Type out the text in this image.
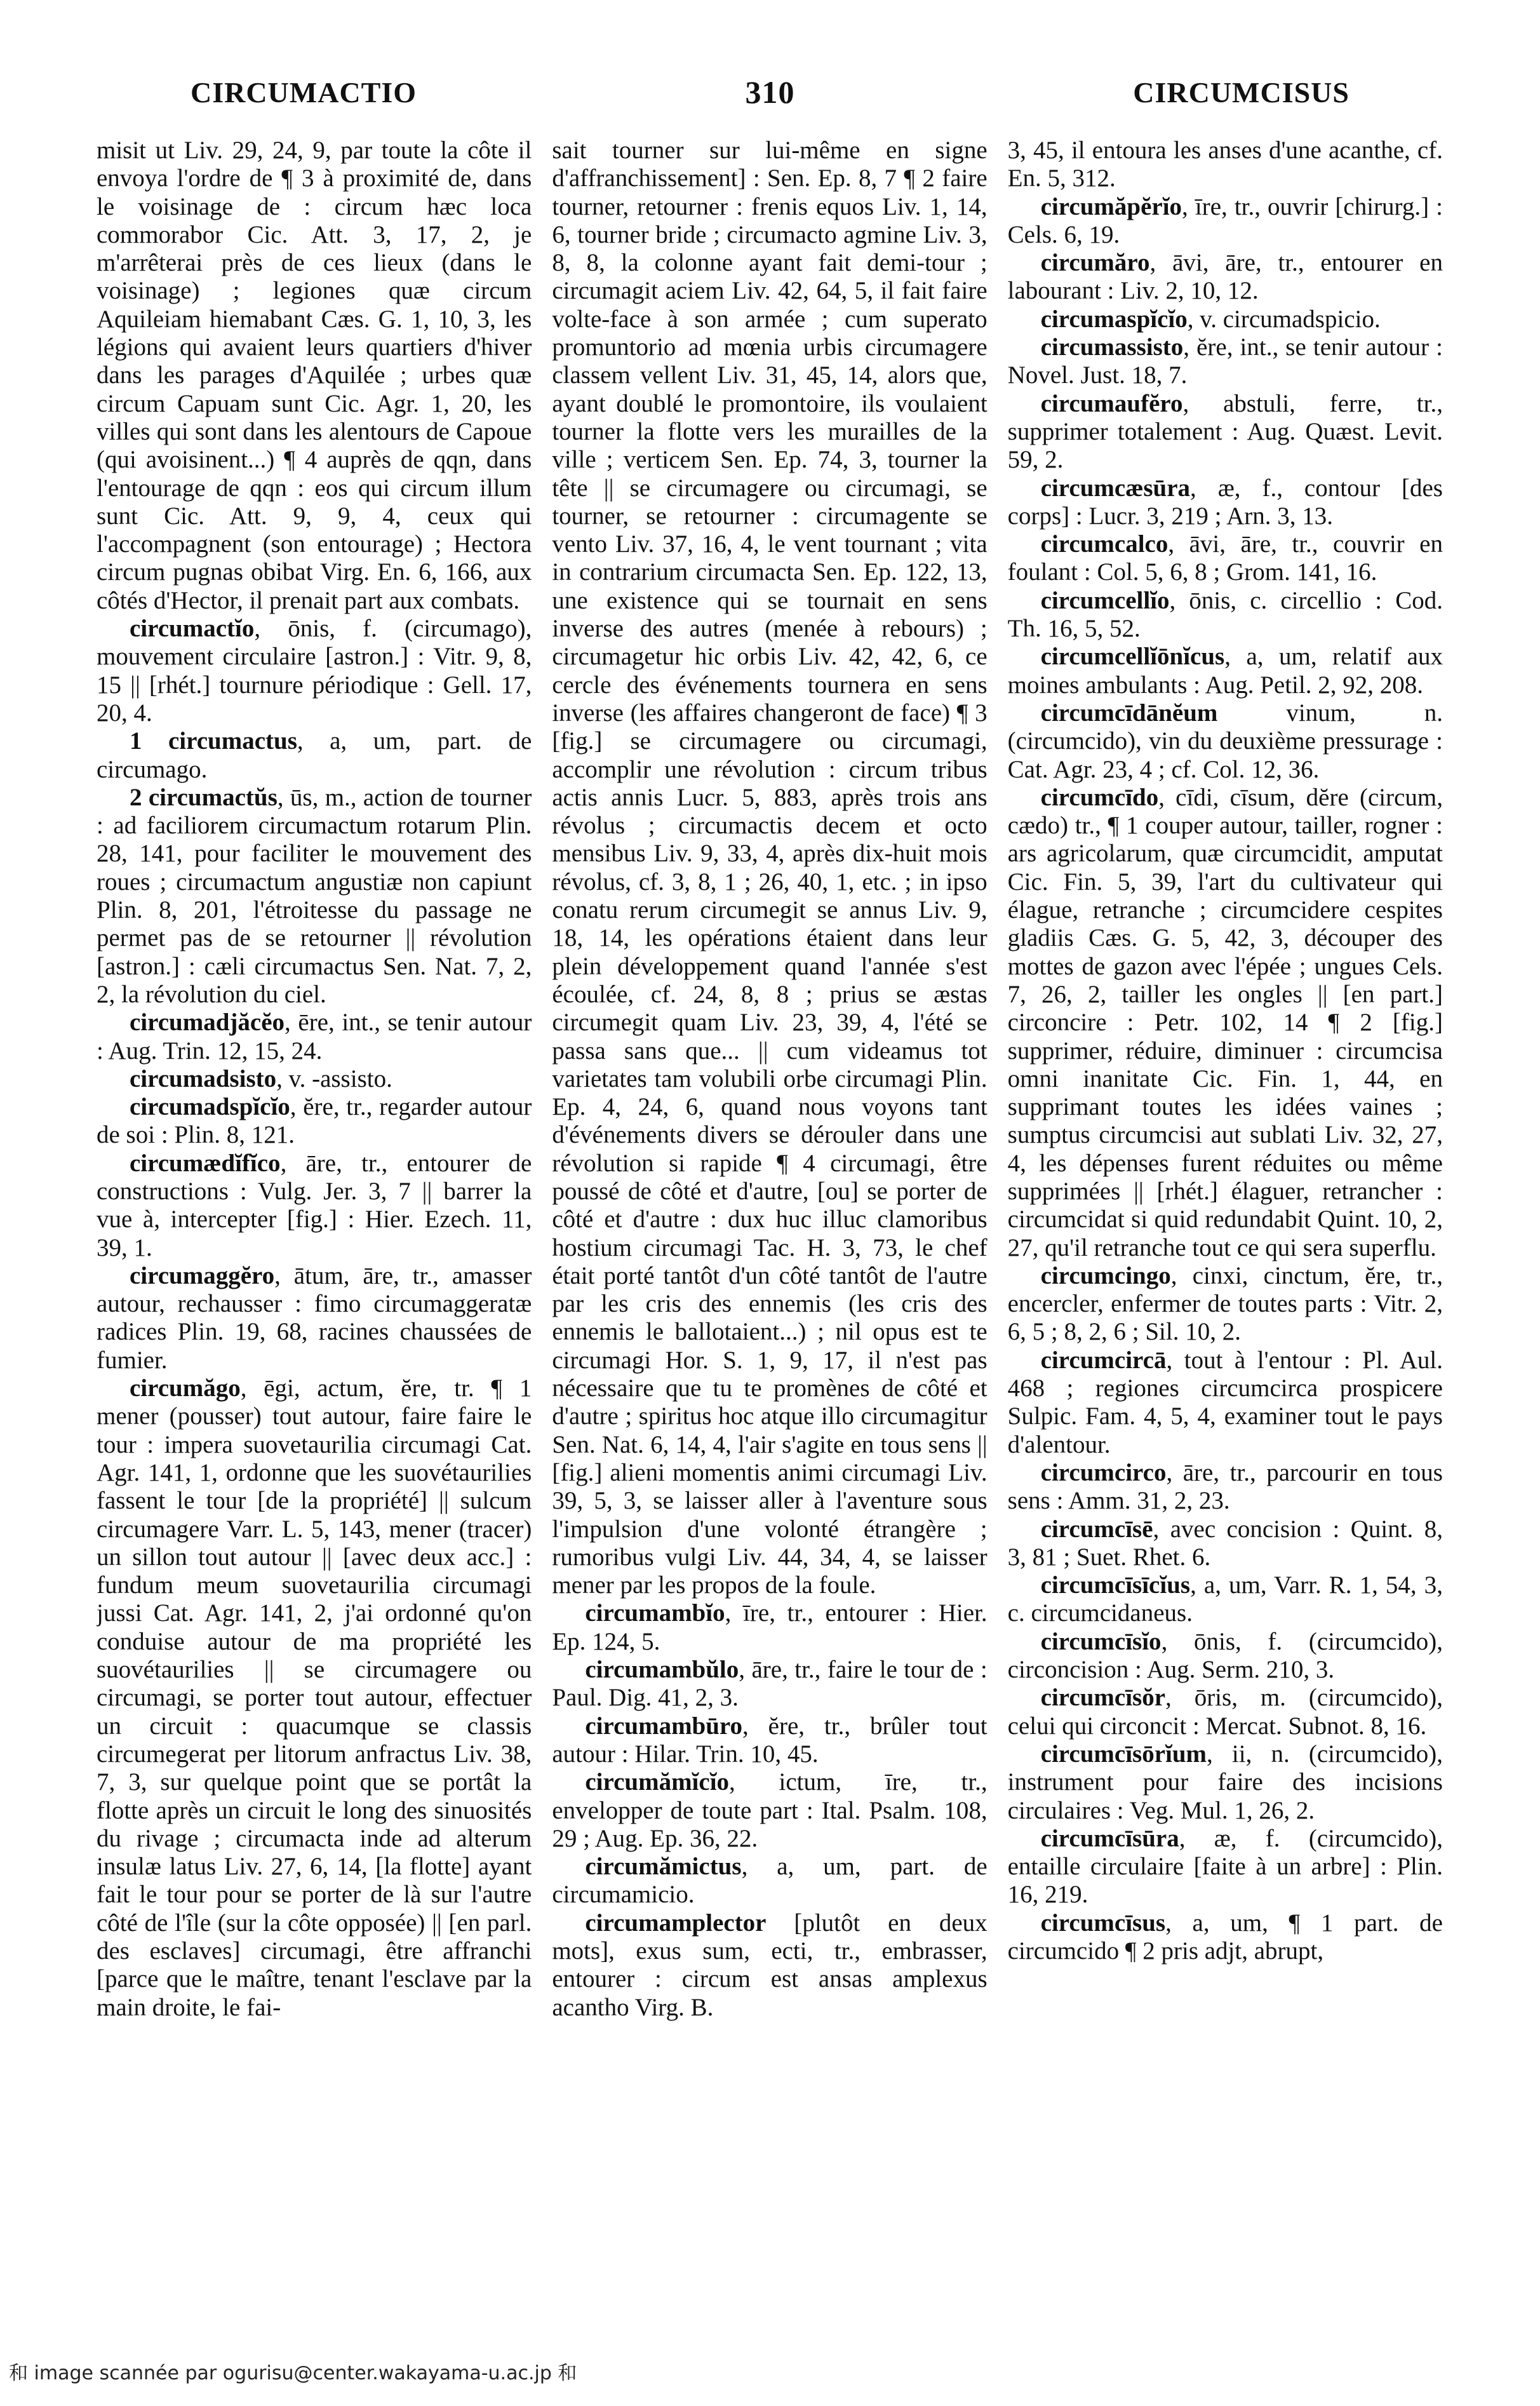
CIRCUMACTIO	310	CIRCUMCISUS

misit ut Liv. 29, 24, 9, par toute la côte il envoya l'ordre de ¶ 3 à proximité de, dans le voisinage de : circum hæc loca commorabor Cic. Att. 3, 17, 2, je m'arrêterai près de ces lieux (dans le voisinage) ; legiones quæ circum Aquileiam hiemabant Cæs. G. 1, 10, 3, les légions qui avaient leurs quartiers d'hiver dans les parages d'Aquilée ; urbes quæ circum Capuam sunt Cic. Agr. 1, 20, les villes qui sont dans les alentours de Capoue (qui avoisinent...) ¶ 4 auprès de qqn, dans l'entourage de qqn : eos qui circum illum sunt Cic. Att. 9, 9, 4, ceux qui l'accompagnent (son entourage) ; Hectora circum pugnas obibat Virg. En. 6, 166, aux côtés d'Hector, il prenait part aux combats.

circumactĭo, ōnis, f. (circumago), mouvement circulaire [astron.] : Vitr. 9, 8, 15 || [rhét.] tournure périodique : Gell. 17, 20, 4.

1 circumactus, a, um, part. de circumago.

2 circumactŭs, ūs, m., action de tourner : ad faciliorem circumactum rotarum Plin. 28, 141, pour faciliter le mouvement des roues ; circumactum angustiæ non capiunt Plin. 8, 201, l'étroitesse du passage ne permet pas de se retourner || révolution [astron.] : cæli circumactus Sen. Nat. 7, 2, 2, la révolution du ciel.

circumadjăcĕo, ēre, int., se tenir autour : Aug. Trin. 12, 15, 24.

circumadsisto, v. -assisto.

circumadspĭcĭo, ĕre, tr., regarder autour de soi : Plin. 8, 121.

circumædĭfĭco, āre, tr., entourer de constructions : Vulg. Jer. 3, 7 || barrer la vue à, intercepter [fig.] : Hier. Ezech. 11, 39, 1.

circumaggĕro, ātum, āre, tr., amasser autour, rechausser : fimo circumaggeratæ radices Plin. 19, 68, racines chaussées de fumier.

circumăgo, ēgi, actum, ĕre, tr. ¶ 1 mener (pousser) tout autour, faire faire le tour : impera suovetaurilia circumagi Cat. Agr. 141, 1, ordonne que les suovétaurilies fassent le tour [de la propriété] || sulcum circumagere Varr. L. 5, 143, mener (tracer) un sillon tout autour || [avec deux acc.] : fundum meum suovetaurilia circumagi jussi Cat. Agr. 141, 2, j'ai ordonné qu'on conduise autour de ma propriété les suovétaurilies || se circumagere ou circumagi, se porter tout autour, effectuer un circuit : quacumque se classis circumegerat per litorum anfractus Liv. 38, 7, 3, sur quelque point que se portât la flotte après un circuit le long des sinuosités du rivage ; circumacta inde ad alterum insulæ latus Liv. 27, 6, 14, [la flotte] ayant fait le tour pour se porter de là sur l'autre côté de l'île (sur la côte opposée) || [en parl. des esclaves] circumagi, être affranchi [parce que le maître, tenant l'esclave par la main droite, le fai-

sait tourner sur lui-même en signe d'affranchissement] : Sen. Ep. 8, 7 ¶ 2 faire tourner, retourner : frenis equos Liv. 1, 14, 6, tourner bride ; circumacto agmine Liv. 3, 8, 8, la colonne ayant fait demi-tour ; circumagit aciem Liv. 42, 64, 5, il fait faire volte-face à son armée ; cum superato promuntorio ad mœnia urbis circumagere classem vellent Liv. 31, 45, 14, alors que, ayant doublé le promontoire, ils voulaient tourner la flotte vers les murailles de la ville ; verticem Sen. Ep. 74, 3, tourner la tête || se circumagere ou circumagi, se tourner, se retourner : circumagente se vento Liv. 37, 16, 4, le vent tournant ; vita in contrarium circumacta Sen. Ep. 122, 13, une existence qui se tournait en sens inverse des autres (menée à rebours) ; circumagetur hic orbis Liv. 42, 42, 6, ce cercle des événements tournera en sens inverse (les affaires changeront de face) ¶ 3 [fig.] se circumagere ou circumagi, accomplir une révolution : circum tribus actis annis Lucr. 5, 883, après trois ans révolus ; circumactis decem et octo mensibus Liv. 9, 33, 4, après dix-huit mois révolus, cf. 3, 8, 1 ; 26, 40, 1, etc. ; in ipso conatu rerum circumegit se annus Liv. 9, 18, 14, les opérations étaient dans leur plein développement quand l'année s'est écoulée, cf. 24, 8, 8 ; prius se æstas circumegit quam Liv. 23, 39, 4, l'été se passa sans que... || cum videamus tot varietates tam volubili orbe circumagi Plin. Ep. 4, 24, 6, quand nous voyons tant d'événements divers se dérouler dans une révolution si rapide ¶ 4 circumagi, être poussé de côté et d'autre, [ou] se porter de côté et d'autre : dux huc illuc clamoribus hostium circumagi Tac. H. 3, 73, le chef était porté tantôt d'un côté tantôt de l'autre par les cris des ennemis (les cris des ennemis le ballotaient...) ; nil opus est te circumagi Hor. S. 1, 9, 17, il n'est pas nécessaire que tu te promènes de côté et d'autre ; spiritus hoc atque illo circumagitur Sen. Nat. 6, 14, 4, l'air s'agite en tous sens || [fig.] alieni momentis animi circumagi Liv. 39, 5, 3, se laisser aller à l'aventure sous l'impulsion d'une volonté étrangère ; rumoribus vulgi Liv. 44, 34, 4, se laisser mener par les propos de la foule.

circumambĭo, īre, tr., entourer : Hier. Ep. 124, 5.

circumambŭlo, āre, tr., faire le tour de : Paul. Dig. 41, 2, 3.

circumambūro, ĕre, tr., brûler tout autour : Hilar. Trin. 10, 45.

circumămĭcĭo, ictum, īre, tr., envelopper de toute part : Ital. Psalm. 108, 29 ; Aug. Ep. 36, 22.

circumămictus, a, um, part. de circumamicio.

circumamplector [plutôt en deux mots], exus sum, ecti, tr., embrasser, entourer : circum est ansas amplexus acantho Virg. B.

3, 45, il entoura les anses d'une acanthe, cf. En. 5, 312.

circumăpĕrĭo, īre, tr., ouvrir [chirurg.] : Cels. 6, 19.

circumăro, āvi, āre, tr., entourer en labourant : Liv. 2, 10, 12.

circumaspĭcĭo, v. circumadspicio.

circumassisto, ĕre, int., se tenir autour : Novel. Just. 18, 7.

circumaufĕro, abstuli, ferre, tr., supprimer totalement : Aug. Quæst. Levit. 59, 2.

circumcæsūra, æ, f., contour [des corps] : Lucr. 3, 219 ; Arn. 3, 13.

circumcalco, āvi, āre, tr., couvrir en foulant : Col. 5, 6, 8 ; Grom. 141, 16.

circumcellĭo, ōnis, c. circellio : Cod. Th. 16, 5, 52.

circumcellĭōnĭcus, a, um, relatif aux moines ambulants : Aug. Petil. 2, 92, 208.

circumcīdānĕum vinum, n. (circumcido), vin du deuxième pressurage : Cat. Agr. 23, 4 ; cf. Col. 12, 36.

circumcīdo, cīdi, cīsum, dĕre (circum, cædo) tr., ¶ 1 couper autour, tailler, rogner : ars agricolarum, quæ circumcidit, amputat Cic. Fin. 5, 39, l'art du cultivateur qui élague, retranche ; circumcidere cespites gladiis Cæs. G. 5, 42, 3, découper des mottes de gazon avec l'épée ; ungues Cels. 7, 26, 2, tailler les ongles || [en part.] circoncire : Petr. 102, 14 ¶ 2 [fig.] supprimer, réduire, diminuer : circumcisa omni inanitate Cic. Fin. 1, 44, en supprimant toutes les idées vaines ; sumptus circumcisi aut sublati Liv. 32, 27, 4, les dépenses furent réduites ou même supprimées || [rhét.] élaguer, retrancher : circumcidat si quid redundabit Quint. 10, 2, 27, qu'il retranche tout ce qui sera superflu.

circumcingo, cinxi, cinctum, ĕre, tr., encercler, enfermer de toutes parts : Vitr. 2, 6, 5 ; 8, 2, 6 ; Sil. 10, 2.

circumcircā, tout à l'entour : Pl. Aul. 468 ; regiones circumcirca prospicere Sulpic. Fam. 4, 5, 4, examiner tout le pays d'alentour.

circumcirco, āre, tr., parcourir en tous sens : Amm. 31, 2, 23.

circumcīsē, avec concision : Quint. 8, 3, 81 ; Suet. Rhet. 6.

circumcīsīcĭus, a, um, Varr. R. 1, 54, 3, c. circumcidaneus.

circumcīsĭo, ōnis, f. (circumcido), circoncision : Aug. Serm. 210, 3.

circumcīsŏr, ōris, m. (circumcido), celui qui circoncit : Mercat. Subnot. 8, 16.

circumcīsōrĭum, ii, n. (circumcido), instrument pour faire des incisions circulaires : Veg. Mul. 1, 26, 2.

circumcīsūra, æ, f. (circumcido), entaille circulaire [faite à un arbre] : Plin. 16, 219.

circumcīsus, a, um, ¶ 1 part. de circumcido ¶ 2 pris adjt, abrupt,

和 image scannée par ogurisu@center.wakayama-u.ac.jp 和
